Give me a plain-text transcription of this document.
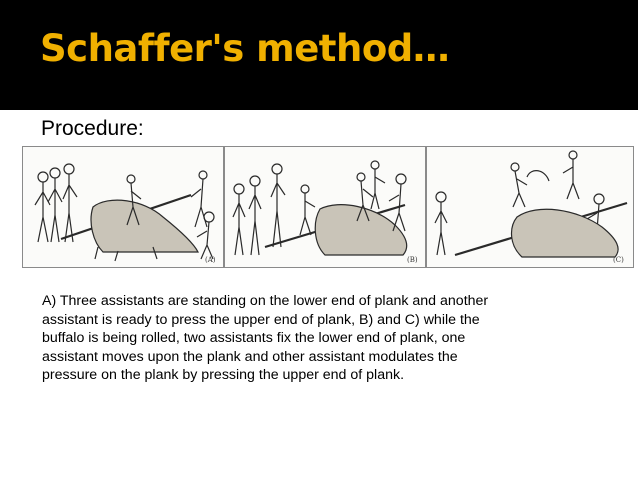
Schaffer's method…
Procedure:
(A)	(B)	(C)
A) Three assistants are standing on the lower end of plank and another
assistant is ready to press the upper end of plank, B) and C) while the
buffalo is being rolled, two assistants fix the lower end of plank, one
assistant moves upon the plank and other assistant modulates the
pressure on the plank by pressing the upper end of plank.
